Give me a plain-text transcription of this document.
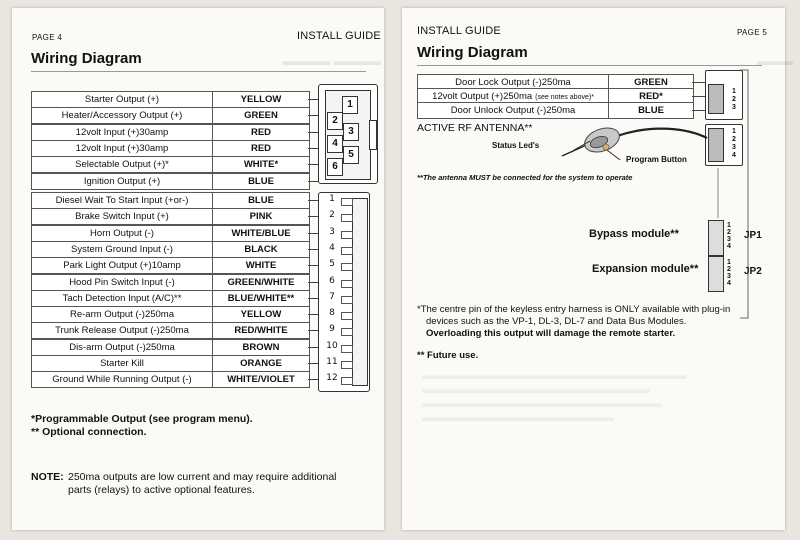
▬▬▬▬ ▬▬▬▬
PAGE 4	INSTALL GUIDE
Wiring Diagram
Starter Output (+)	YELLOW
Heater/Accessory Output (+)	GREEN
12volt Input (+)30amp	RED
12volt Input (+)30amp	RED
Selectable Output (+)*	WHITE*
Ignition Output (+)	BLUE
Diesel Wait To Start Input (+or-)	BLUE
Brake Switch Input (+)	PINK
Horn Output (-)	WHITE/BLUE
System Ground Input (-)	BLACK
Park Light Output (+)10amp	WHITE
Hood Pin Switch Input (-)	GREEN/WHITE
Tach Detection Input (A/C)**	BLUE/WHITE**
Re-arm Output (-)250ma	YELLOW
Trunk Release Output (-)250ma	RED/WHITE
Dis-arm Output (-)250ma	BROWN
Starter Kill	ORANGE
Ground While Running Output (-)	WHITE/VIOLET
1
2
3
4
5
6
1
2
3
4
5
6
7
8
9
10
11
12
*Programmable Output (see program menu).
** Optional connection.
NOTE: 250ma outputs are low current and may require additional
parts (relays) to active optional features.
▬▬▬
▬▬▬▬▬▬▬▬▬▬▬▬▬▬▬▬▬▬▬▬▬▬
▬▬▬▬▬▬▬▬▬▬▬▬▬▬▬▬▬▬▬
▬▬▬▬▬▬▬▬▬▬▬▬▬▬▬▬▬▬▬▬
▬▬▬▬▬▬▬▬▬▬▬▬▬▬▬▬
INSTALL GUIDE	PAGE 5
Wiring Diagram
Door Lock Output (-)250ma	GREEN
12volt Output (+)250ma (see notes above)*	RED*
Door Unlock Output (-)250ma	BLUE
1
2
3
1
2
3
4
ACTIVE RF ANTENNA**
Status Led's
Program Button
**The antenna MUST be connected for the system to operate
Bypass module**
Expansion module**
1
2
3
4
1
2
3
4
JP1
JP2
*The centre pin of the keyless entry harness is ONLY available with plug-in
devices such as the VP-1, DL-3, DL-7 and Data Bus Modules.
Overloading this output will damage the remote starter.
** Future use.
